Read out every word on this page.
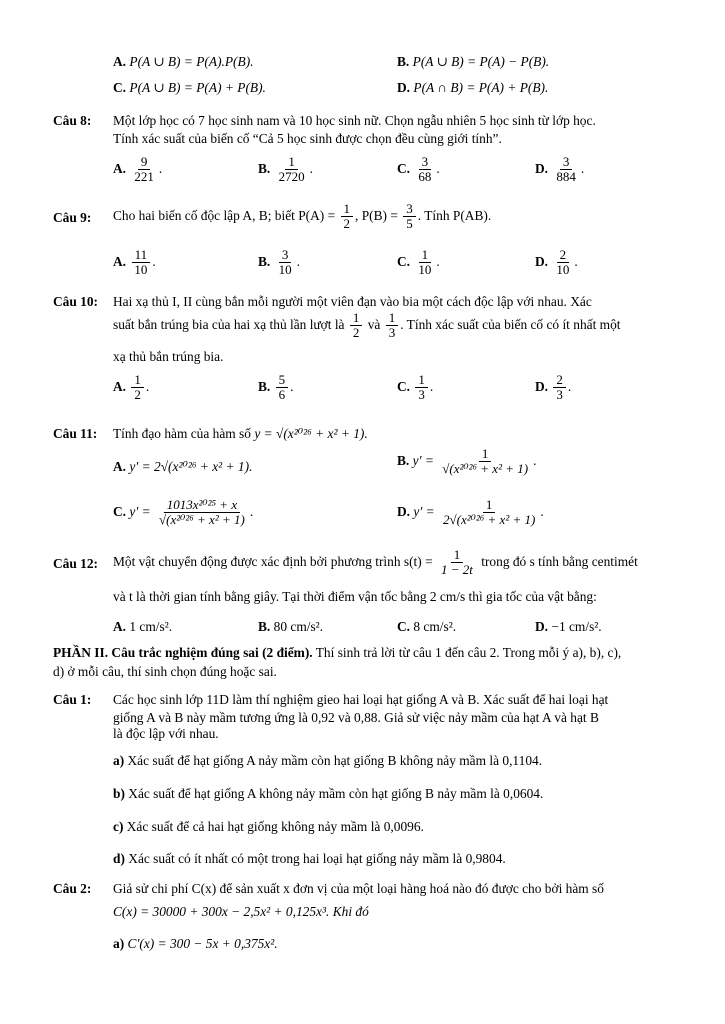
A. P(A ∪ B) = P(A).P(B).	B. P(A ∪ B) = P(A) − P(B).
C. P(A ∪ B) = P(A) + P(B).	D. P(A ∩ B) = P(A) + P(B).
Câu 8: Một lớp học có 7 học sinh nam và 10 học sinh nữ. Chọn ngẫu nhiên 5 học sinh từ lớp học.
Tính xác suất của biến cố “Cả 5 học sinh được chọn đều cùng giới tính”.
A. $\frac{9}{221}$ .	B. $\frac{1}{2720}$ .	C. $\frac{3}{68}$ .	D. $\frac{3}{884}$ .
Câu 9: Cho hai biến cố độc lập A, B; biết $P(A) = \frac{1}{2}$ , $P(B) = \frac{3}{5}$ . Tính P(AB).
A. $\frac{11}{10}$ .	B. $\frac{3}{10}$ .	C. $\frac{1}{10}$ .	D. $\frac{2}{10}$ .
Câu 10: Hai xạ thủ I, II cùng bắn mỗi người một viên đạn vào bia một cách độc lập với nhau. Xác
suất bắn trúng bia của hai xạ thủ lần lượt là $\frac{1}{2}$ và $\frac{1}{3}$ . Tính xác suất của biến cố có ít nhất một
xạ thủ bắn trúng bia.
A. $\frac{1}{2}$ .	B. $\frac{5}{6}$ .	C. $\frac{1}{3}$ .	D. $\frac{2}{3}$ .
Câu 11: Tính đạo hàm của hàm số y = √(x²⁰²⁶ + x² + 1).
A. y′ = 2√(x²⁰²⁶ + x² + 1).	B. $y' = \frac{1}{\text{√(x²⁰²⁶ + x² + 1)}}$ .
C. $y' = \frac{\text{1013x²⁰²⁵ + x}}{\text{√(x²⁰²⁶ + x² + 1)}}$ .	D. $y' = \frac{1}{\text{2√(x²⁰²⁶ + x² + 1)}}$ .
Câu 12: Một vật chuyển động được xác định bởi phương trình $s(t) = \frac{1}{1 - 2t}$ trong đó s tính bằng centimét
và t là thời gian tính bằng giây. Tại thời điểm vận tốc bằng 2 cm/s thì gia tốc của vật bằng:
A. 1 cm/s².	B. 80 cm/s².	C. 8 cm/s².	D. −1 cm/s².
PHẦN II. Câu trắc nghiệm đúng sai (2 điểm). Thí sinh trả lời từ câu 1 đến câu 2. Trong mỗi ý a), b), c),
d) ở mỗi câu, thí sinh chọn đúng hoặc sai.
Câu 1: Các học sinh lớp 11D làm thí nghiệm gieo hai loại hạt giống A và B. Xác suất để hai loại hạt
giống A và B này mầm tương ứng là 0,92 và 0,88. Giả sử việc nảy mầm của hạt A và hạt B
là độc lập với nhau.
a) Xác suất để hạt giống A nảy mầm còn hạt giống B không nảy mầm là 0,1104.
b) Xác suất để hạt giống A không nảy mầm còn hạt giống B nảy mầm là 0,0604.
c) Xác suất để cả hai hạt giống không nảy mầm là 0,0096.
d) Xác suất có ít nhất có một trong hai loại hạt giống nảy mầm là 0,9804.
Câu 2: Giả sử chi phí C(x) để sản xuất x đơn vị của một loại hàng hoá nào đó được cho bởi hàm số
C(x) = 30000 + 300x − 2,5x² + 0,125x³. Khi đó
a) C′(x) = 300 − 5x + 0,375x².
